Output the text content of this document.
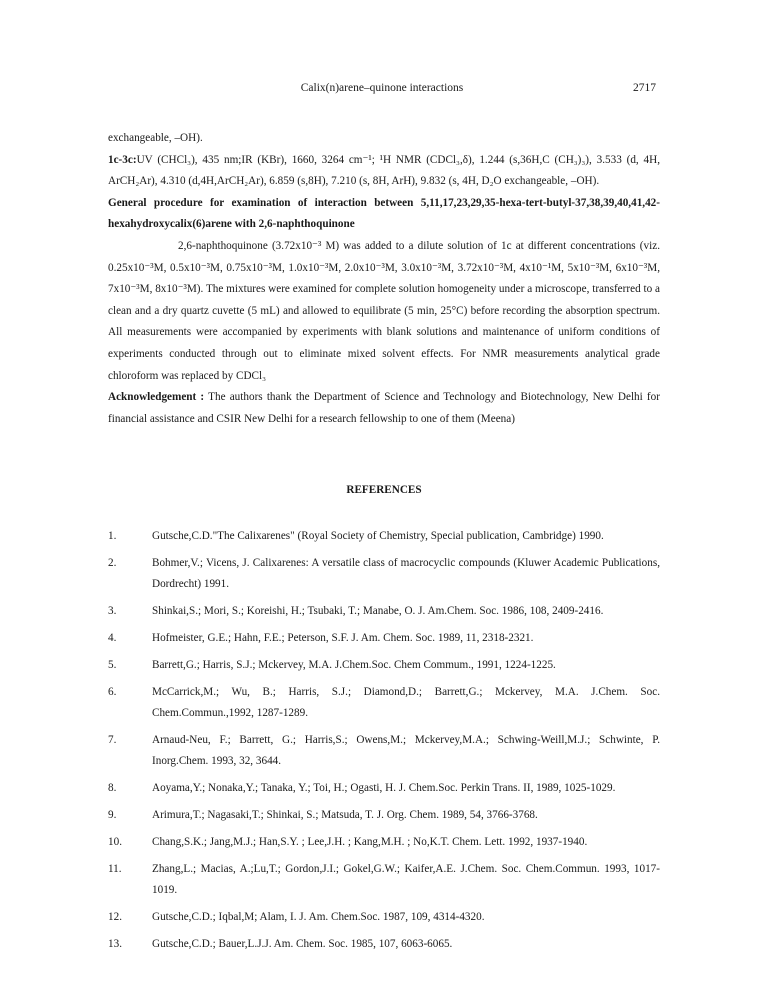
Calix(n)arene–quinone interactions	2717

exchangeable, –OH).

1c-3c:UV (CHCl₃), 435 nm;IR (KBr), 1660, 3264 cm⁻¹; ¹H NMR (CDCl₃,δ), 1.244 (s,36H,C (CH₃)₃), 3.533 (d, 4H, ArCH₂Ar), 4.310 (d,4H,ArCH₂Ar), 6.859 (s,8H), 7.210 (s, 8H, ArH), 9.832 (s, 4H, D₂O exchangeable, –OH).

General procedure for examination of interaction between 5,11,17,23,29,35-hexa-tert-butyl-37,38,39,40,41,42-hexahydroxycalix(6)arene with 2,6-naphthoquinone

2,6-naphthoquinone (3.72x10⁻³ M) was added to a dilute solution of 1c at different concentrations (viz. 0.25x10⁻³M, 0.5x10⁻³M, 0.75x10⁻³M, 1.0x10⁻³M, 2.0x10⁻³M, 3.0x10⁻³M, 3.72x10⁻³M, 4x10⁻¹M, 5x10⁻³M, 6x10⁻³M, 7x10⁻³M, 8x10⁻³M). The mixtures were examined for complete solution homogeneity under a microscope, transferred to a clean and a dry quartz cuvette (5 mL) and allowed to equilibrate (5 min, 25°C) before recording the absorption spectrum. All measurements were accompanied by experiments with blank solutions and maintenance of uniform conditions of experiments conducted through out to eliminate mixed solvent effects. For NMR measurements analytical grade chloroform was replaced by CDCl₃

Acknowledgement : The authors thank the Department of Science and Technology and Biotechnology, New Delhi for financial assistance and CSIR New Delhi for a research fellowship to one of them (Meena)

REFERENCES
1.	Gutsche,C.D."The Calixarenes" (Royal Society of Chemistry, Special publication, Cambridge) 1990.
2.	Bohmer,V.; Vicens, J. Calixarenes: A versatile class of macrocyclic compounds (Kluwer Academic Publications, Dordrecht) 1991.
3.	Shinkai,S.; Mori, S.; Koreishi, H.; Tsubaki, T.; Manabe, O. J. Am.Chem. Soc. 1986, 108, 2409-2416.
4.	Hofmeister, G.E.; Hahn, F.E.; Peterson, S.F. J. Am. Chem. Soc. 1989, 11, 2318-2321.
5.	Barrett,G.; Harris, S.J.; Mckervey, M.A. J.Chem.Soc. Chem Commum., 1991, 1224-1225.
6.	McCarrick,M.; Wu, B.; Harris, S.J.; Diamond,D.; Barrett,G.; Mckervey, M.A. J.Chem. Soc. Chem.Commun.,1992, 1287-1289.
7.	Arnaud-Neu, F.; Barrett, G.; Harris,S.; Owens,M.; Mckervey,M.A.; Schwing-Weill,M.J.; Schwinte, P. Inorg.Chem. 1993, 32, 3644.
8.	Aoyama,Y.; Nonaka,Y.; Tanaka, Y.; Toi, H.; Ogasti, H. J. Chem.Soc. Perkin Trans. II, 1989, 1025-1029.
9.	Arimura,T.; Nagasaki,T.; Shinkai, S.; Matsuda, T. J. Org. Chem. 1989, 54, 3766-3768.
10.	Chang,S.K.; Jang,M.J.; Han,S.Y. ; Lee,J.H. ; Kang,M.H. ; No,K.T. Chem. Lett. 1992, 1937-1940.
11.	Zhang,L.; Macias, A.;Lu,T.; Gordon,J.I.; Gokel,G.W.; Kaifer,A.E. J.Chem. Soc. Chem.Commun. 1993, 1017-1019.
12.	Gutsche,C.D.; Iqbal,M; Alam, I. J. Am. Chem.Soc. 1987, 109, 4314-4320.
13.	Gutsche,C.D.; Bauer,L.J.J. Am. Chem. Soc. 1985, 107, 6063-6065.
